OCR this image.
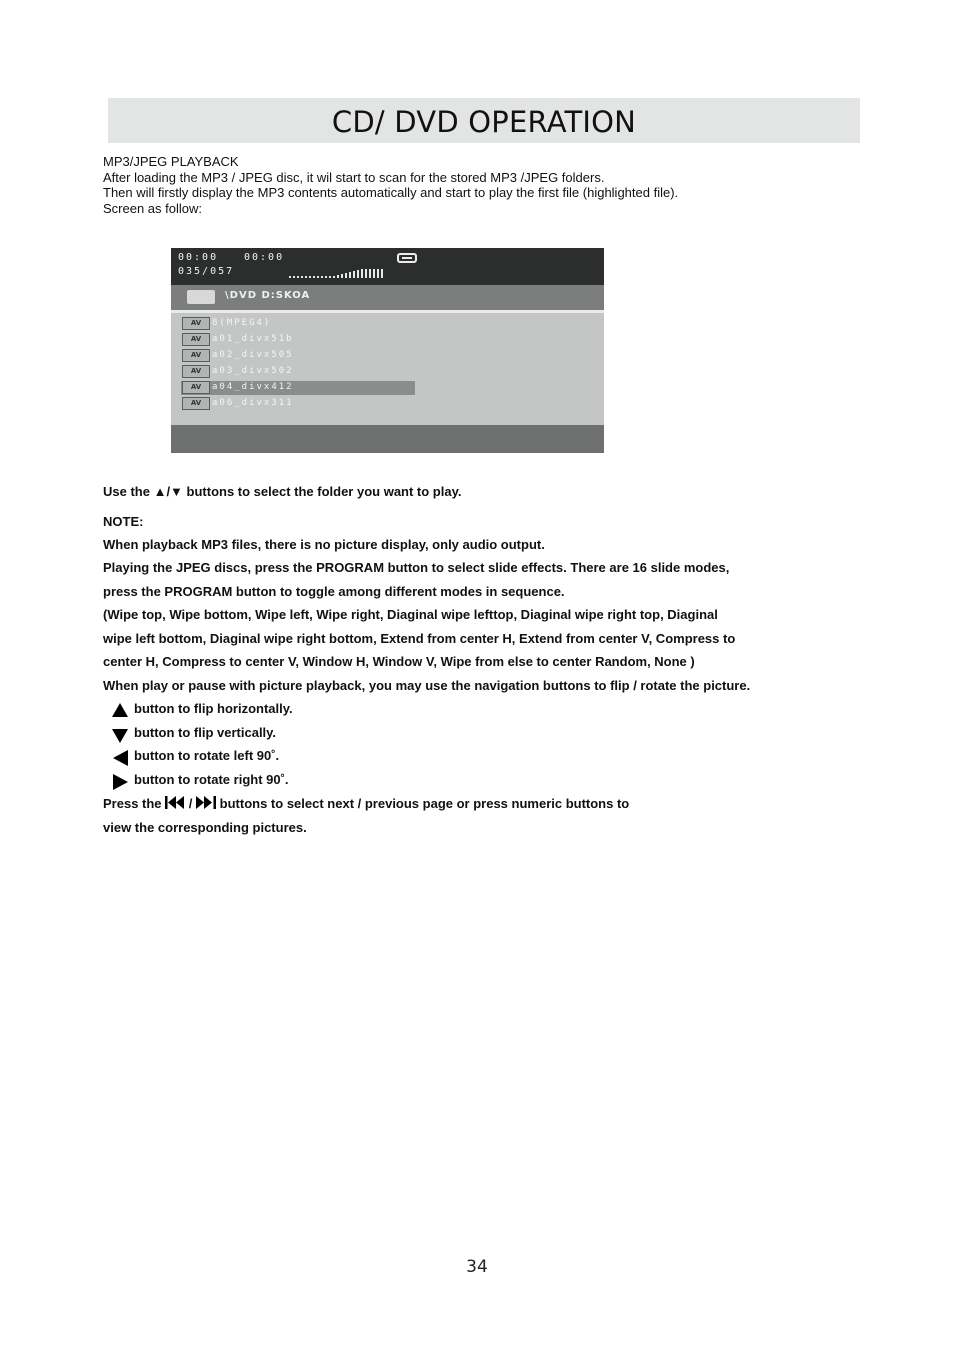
CD/ DVD OPERATION
MP3/JPEG PLAYBACK
After loading the MP3 / JPEG disc, it wil start to scan for the stored MP3 /JPEG folders.
Then will firstly display the MP3 contents automatically and start to play the first file (highlighted file).
Screen as follow:
00:00	00:00
035/057
\DVD D:SKOA
AV	8(MPEG4)
AV	a01_divx51b
AV	a02_divx505
AV	a03_divx502
AV	a04_divx412
AV	a06_divx311
Use the ▲/▼ buttons to select the folder you want to play.
NOTE:
When playback MP3 files, there is no picture display, only audio output.
Playing the JPEG discs, press the PROGRAM button to select slide effects. There are 16 slide modes,
press the PROGRAM button to toggle among different modes in sequence.
(Wipe top, Wipe bottom, Wipe left, Wipe right, Diaginal wipe lefttop, Diaginal wipe right top, Diaginal
wipe left bottom, Diaginal wipe right bottom, Extend from center H, Extend from center V, Compress to
center H, Compress to center V, Window H, Window V, Wipe from else to center Random, None )
When play or pause with picture playback, you may use the navigation buttons to flip / rotate the picture.
button to flip horizontally.
button to flip vertically.
button to rotate left 90˚.
button to rotate right 90˚.
Press the / buttons to select next / previous page or press numeric buttons to
view the corresponding pictures.
34
